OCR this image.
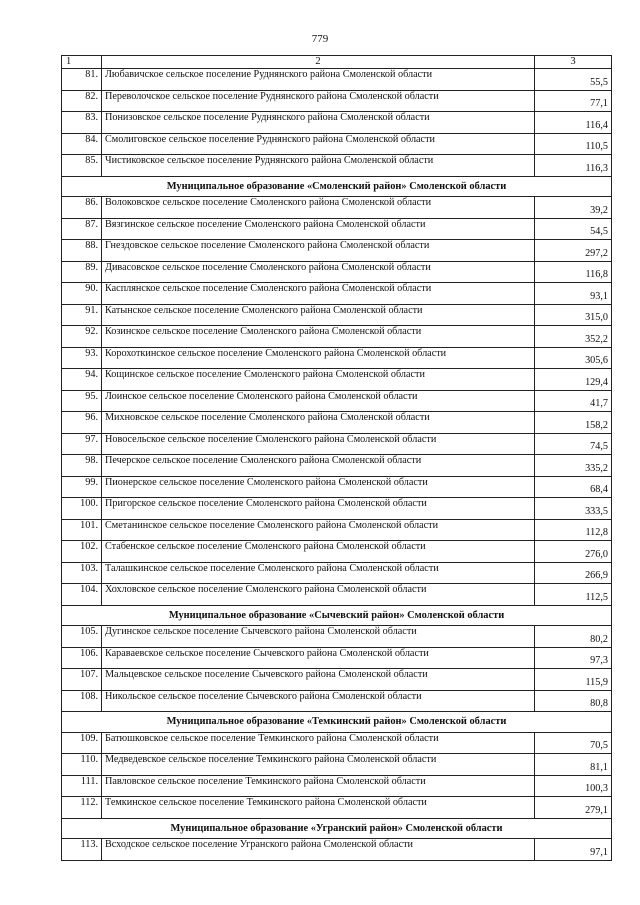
779
1	2	3
81.	Любавичское сельское поселение Руднянского района Смоленской области	55,5
82.	Переволочское сельское поселение Руднянского района Смоленской области	77,1
83.	Понизовское сельское поселение Руднянского района Смоленской области	116,4
84.	Смолиговское сельское поселение Руднянского района Смоленской области	110,5
85.	Чистиковское сельское поселение Руднянского района Смоленской области	116,3
Муниципальное образование «Смоленский район» Смоленской области		
86.	Волоковское сельское поселение Смоленского района Смоленской области	39,2
87.	Вязгинское сельское поселение Смоленского района Смоленской области	54,5
88.	Гнездовское сельское поселение Смоленского района Смоленской области	297,2
89.	Дивасовское сельское поселение Смоленского района Смоленской области	116,8
90.	Касплянское сельское поселение Смоленского района Смоленской области	93,1
91.	Катынское сельское поселение Смоленского района Смоленской области	315,0
92.	Козинское сельское поселение Смоленского района Смоленской области	352,2
93.	Корохоткинское сельское поселение Смоленского района Смоленской области	305,6
94.	Кощинское сельское поселение Смоленского района Смоленской области	129,4
95.	Лоинское сельское поселение Смоленского района Смоленской области	41,7
96.	Михновское сельское поселение Смоленского района Смоленской области	158,2
97.	Новосельское сельское поселение Смоленского района Смоленской области	74,5
98.	Печерское сельское поселение Смоленского района Смоленской области	335,2
99.	Пионерское сельское поселение Смоленского района Смоленской области	68,4
100.	Пригорское сельское поселение Смоленского района Смоленской области	333,5
101.	Сметанинское сельское поселение Смоленского района Смоленской области	112,8
102.	Стабенское сельское поселение Смоленского района Смоленской области	276,0
103.	Талашкинское сельское поселение Смоленского района Смоленской области	266,9
104.	Хохловское сельское поселение Смоленского района Смоленской области	112,5
Муниципальное образование «Сычевский район» Смоленской области		
105.	Дугинское сельское поселение Сычевского района Смоленской области	80,2
106.	Караваевское сельское поселение Сычевского района Смоленской области	97,3
107.	Мальцевское сельское поселение Сычевского района Смоленской области	115,9
108.	Никольское сельское поселение Сычевского района Смоленской области	80,8
Муниципальное образование «Темкинский район» Смоленской области		
109.	Батюшковское сельское поселение Темкинского района Смоленской области	70,5
110.	Медведевское сельское поселение Темкинского района Смоленской области	81,1
111.	Павловское сельское поселение Темкинского района Смоленской области	100,3
112.	Темкинское сельское поселение Темкинского района Смоленской области	279,1
Муниципальное образование «Угранский район» Смоленской области		
113.	Всходское сельское поселение Угранского района Смоленской области	97,1
